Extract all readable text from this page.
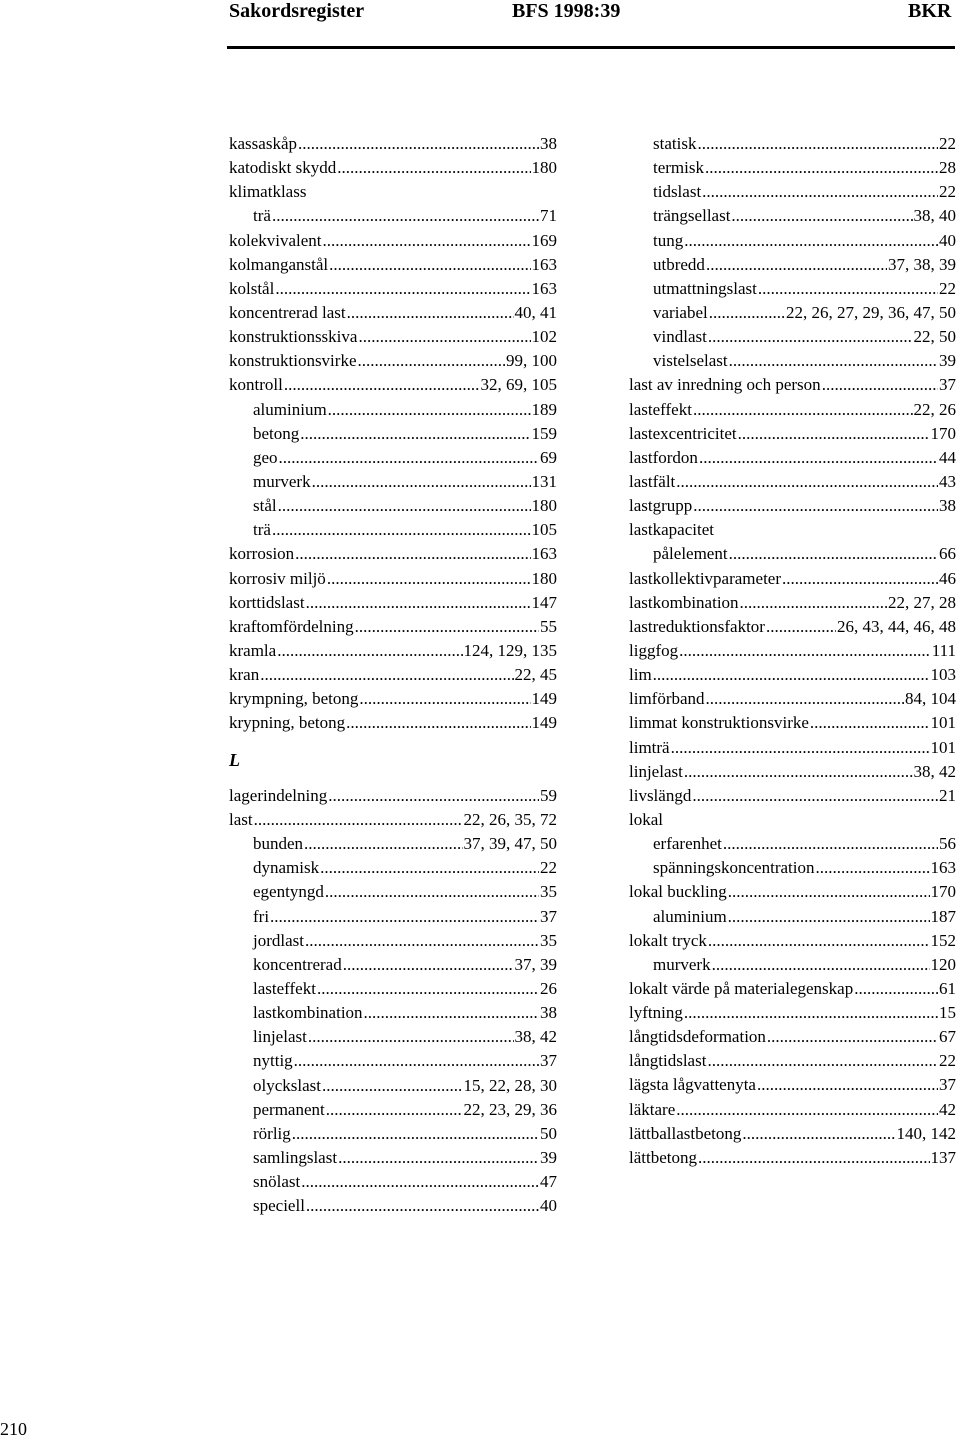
Sakordsregister	BFS 1998:39	BKR
kassaskåp .....	38
katodiskt skydd .....	180
klimatklass
trä .....	71
kolekvivalent .....	169
kolmanganstål .....	163
kolstål .....	163
koncentrerad last .....	40, 41
konstruktionsskiva .....	102
konstruktionsvirke .....	99, 100
kontroll .....	32, 69, 105
aluminium .....	189
betong .....	159
geo .....	69
murverk .....	131
stål .....	180
trä .....	105
korrosion .....	163
korrosiv miljö .....	180
korttidslast .....	147
kraftomfördelning .....	55
kramla .....	124, 129, 135
kran .....	22, 45
krympning, betong .....	149
krypning, betong .....	149
L
lagerindelning .....	59
last .....	22, 26, 35, 72
bunden .....	37, 39, 47, 50
dynamisk .....	22
egentyngd .....	35
fri .....	37
jordlast .....	35
koncentrerad .....	37, 39
lasteffekt .....	26
lastkombination .....	38
linjelast .....	38, 42
nyttig .....	37
olyckslast .....	15, 22, 28, 30
permanent .....	22, 23, 29, 36
rörlig .....	50
samlingslast .....	39
snölast .....	47
speciell .....	40
statisk .....	22
termisk .....	28
tidslast .....	22
trängsellast .....	38, 40
tung .....	40
utbredd .....	37, 38, 39
utmattningslast .....	22
variabel .....	22, 26, 27, 29, 36, 47, 50
vindlast .....	22, 50
vistelselast .....	39
last av inredning och person .....	37
lasteffekt .....	22, 26
lastexcentricitet .....	170
lastfordon .....	44
lastfält .....	43
lastgrupp .....	38
lastkapacitet
pålelement .....	66
lastkollektivparameter .....	46
lastkombination .....	22, 27, 28
lastreduktionsfaktor .....	26, 43, 44, 46, 48
liggfog .....	111
lim .....	103
limförband .....	84, 104
limmat konstruktionsvirke .....	101
limträ .....	101
linjelast .....	38, 42
livslängd .....	21
lokal
erfarenhet .....	56
spänningskoncentration .....	163
lokal buckling .....	170
aluminium .....	187
lokalt tryck .....	152
murverk .....	120
lokalt värde på materialegenskap .....	61
lyftning .....	15
långtidsdeformation .....	67
långtidslast .....	22
lägsta lågvattenyta .....	37
läktare .....	42
lättballastbetong .....	140, 142
lättbetong .....	137
210
